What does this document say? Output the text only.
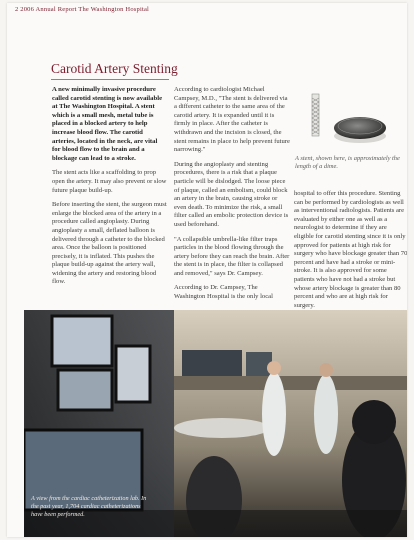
2 2006 Annual Report The Washington Hospital
Carotid Artery Stenting

A new minimally invasive procedure called carotid stenting is now available at The Washington Hospital. A stent which is a small mesh, metal tube is placed in a blocked artery to help increase blood flow. The carotid arteries, located in the neck, are vital for blood flow to the brain and a blockage can lead to a stroke.

The stent acts like a scaffolding to prop open the artery. It may also prevent or slow future plaque build-up.

Before inserting the stent, the surgeon must enlarge the blocked area of the artery in a procedure called angioplasty. During angioplasty a small, deflated balloon is delivered through a catheter to the blocked area. Once the balloon is positioned precisely, it is inflated. This pushes the plaque build-up against the artery wall, widening the artery and restoring blood flow.

According to cardiologist Michael Campsey, M.D., "The stent is delivered via a different catheter to the same area of the carotid artery. It is expanded until it is firmly in place. After the catheter is withdrawn and the incision is closed, the stent remains in place to help prevent future narrowing."

During the angioplasty and stenting procedures, there is a risk that a plaque particle will be dislodged. The loose piece of plaque, called an embolism, could block an artery in the brain, causing stroke or even death. To minimize the risk, a small filter called an embolic protection device is used beforehand.

"A collapsible umbrella-like filter traps particles in the blood flowing through the artery before they can reach the brain. After the stent is in place, the filter is collapsed and removed," says Dr. Campsey.

According to Dr. Campsey, The Washington Hospital is the only local

A stent, shown here, is approximately the length of a dime.

hospital to offer this procedure. Stenting can be performed by cardiologists as well as interventional radiologists. Patients are evaluated by either one as well as a neurologist to determine if they are eligible for carotid stenting since it is only approved for patients at high risk for surgery who have blockage greater than 70 percent and have had a stroke or mini-stroke. It is also approved for some patients who have not had a stroke but whose artery blockage is greater than 80 percent and who are at high risk for surgery.

A view from the cardiac catheterization lab. In the past year, 1,704 cardiac catheterizations have been performed.
